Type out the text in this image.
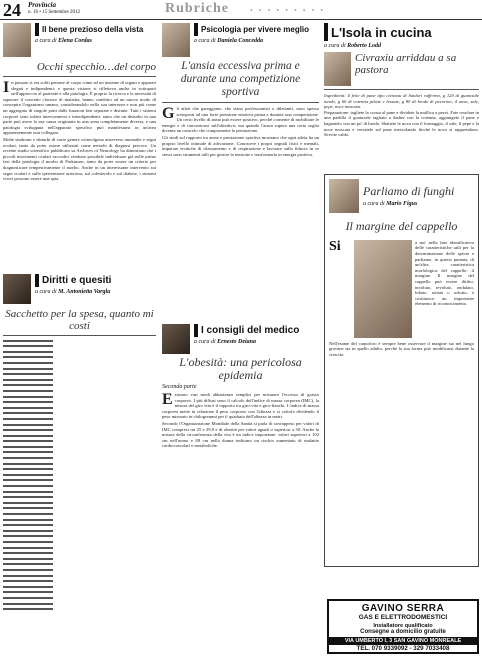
24 Provincia
n. 16 • 15 Settembre 2012	Rubriche	• • • • • • • • •
Il bene prezioso della vista
a cura di Elena Cordas
Occhi specchio…del corpo
I n passato si era soliti pensare al corpo come ad un insieme di organi e apparati slegati e indipendenti; e questa visione si rifletteva anche in sottoparti nell'approccio al paziente e alla patologia. È proprio la ricerca e la necessità di superare il concetto classico di malattia, hanno condotto ad un nuovo modo di concepire l'organismo umano, considerandolo nella sua interezza e non più come un aggregato di singole parti dalle funzioni ben separate e distinte. Tutti i sistemi corporei sono infatti interconnessi e interdipendenti: tanto che un disturbo in una parte può avere la sua causa originaria in una zona completamente diversa, e una patologia sviluppata nell'apparato specifico può manifestarsi in un'area apparentemente non collegata.

Molte sindromi e disturbi di vario genere coinvolgono attraverso anomalie e segni oculari, tanto da poter essere utilizzati come metodo di diagnosi precoce. Un recente studio scientifico pubblicato su Archives of Neurology ha dimostrato che i piccoli movimenti oculari saccadici rendono possibile individuare già nelle prime fasi della patologia il morbo di Parkinson, tanto da poter essere un criterio per diagnosticare tempestivamente il morbo. Anche in un interessante intervento sui segni oculari e sulla ipertensione arteriosa, sul colesterolo e sul diabete, i sintomi visivi possono essere una spia.

Diritti e quesiti
a cura di M. Antonietta Varglu
Sacchetto per la spesa, quanto mi costi
Psicologia per vivere meglio
a cura di Daniela Concedda
L'ansia eccessiva prima e durante una competizione sportiva
G li atleti che gareggiano, che siano professionisti o dilettanti, sono spesso sottoposti ad una forte pressione emotiva prima e durante una competizione. Un certo livello di ansia può essere positivo, perché consente di mobilitare le energie e di concentrarsi sull'obiettivo; ma quando l'ansia supera una certa soglia diventa un ostacolo che compromette la prestazione.

Gli studi sul rapporto tra ansia e prestazione sportiva mostrano che ogni atleta ha un proprio livello ottimale di attivazione. Conoscere i propri segnali fisici e mentali, imparare tecniche di rilassamento e di respirazione e lavorare sulla fiducia in se stessi sono strumenti utili per gestire la tensione e trasformarla in energia positiva.

I consigli del medico
a cura di Ernesto Deiana
L'obesità: una pericolosa epidemia
Seconda parte
E sistono vari modi abbastanza semplici per misurare l'eccesso di grasso corporeo. I più diffusi sono il calcolo dell'indice di massa corporea (IMC), la misura del giro vita e il rapporto tra giro-vita e giro-fianchi. L'indice di massa corporea mette in relazione il peso corporeo con l'altezza e si calcola dividendo il peso misurato in chilogrammi per il quadrato dell'altezza in metri.

Secondo l'Organizzazione Mondiale della Sanità si parla di sovrappeso per valori di IMC compresi tra 25 e 29,9 e di obesità per valori uguali o superiori a 30. Anche la misura della circonferenza della vita è un indice importante: valori superiori a 102 cm nell'uomo e 88 cm nella donna indicano un rischio aumentato di malattie cardiovascolari e metaboliche.

L'Isola in cucina
a cura di Roberto Lodd
Civraxiu arriddau a sa pastora
Ingredienti: 4 fette di pane tipo civraxiu di Sanluri raffermo, g 120 di guanciale nardo, g 60 di cotenna pelate e lessate, g 80 di brodo di pecorino, 4 uova, sale, pepe, noce moscata.

Preparazione: togliete la crosta al pane e dividete la mollica a pezzi. Fate rosolare in una padella il guanciale tagliato a dadini con la cotenna, aggiungete il pane e bagnatelo con un po' di brodo. Sbattete le uova con il formaggio, il sale, il pepe e la noce moscata e versatele sul pane mescolando finché le uova si rapprendono. Servite caldo.

Parliamo di funghi
a cura di Mario Figus
Il margine del cappello
Si	a mo' nella fase identificativa delle caratteristiche utili per la determinazione delle specie e parliamo, in questa puntata, di un'altra caratteristica morfologica del cappello: il margine. Il margine del cappello può essere diritto, involuto, revoluto, ondulato, lobato, striato o solcato, e costituisce un importante elemento di riconoscimento.

Nell'esame del carpoforo è sempre bene osservare il margine sia nel fungo giovane sia in quello adulto, perché la sua forma può modificarsi durante la crescita.

GAVINO SERRA
GAS E ELETTRODOMESTICI
Installatore qualificato
Consegne a domicilio gratuite
VIA UMBERTO I, 3 SAN GAVINO MONREALE
TEL. 070 9339092 - 329 7033408
